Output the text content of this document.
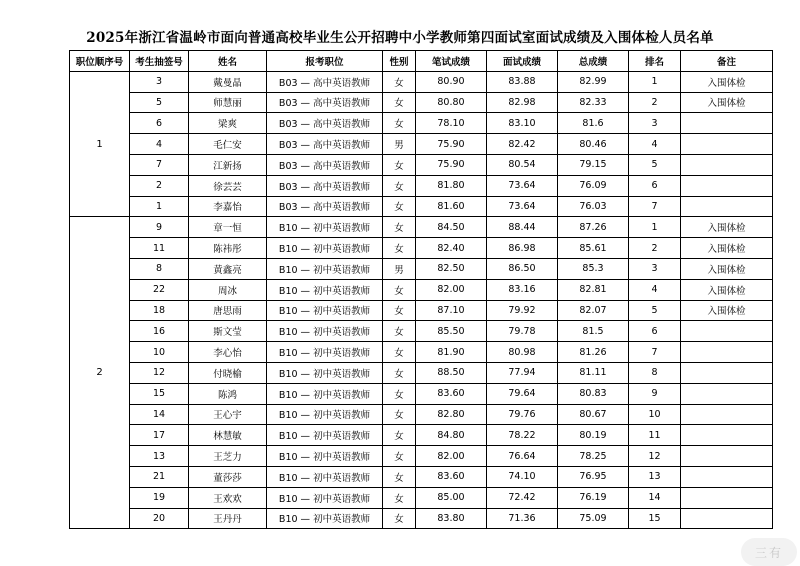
2025年浙江省温岭市面向普通高校毕业生公开招聘中小学教师第四面试室面试成绩及入围体检人员名单
职位顺序号	考生抽签号	姓名	报考职位	性别	笔试成绩	面试成绩	总成绩	排名	备注
1	3	戴曼晶	B03 — 高中英语教师	女	80.90	83.88	82.99	1	入围体检
	5	师慧丽	B03 — 高中英语教师	女	80.80	82.98	82.33	2	入围体检
	6	梁爽	B03 — 高中英语教师	女	78.10	83.10	81.6	3	
	4	毛仁安	B03 — 高中英语教师	男	75.90	82.42	80.46	4	
	7	江新扬	B03 — 高中英语教师	女	75.90	80.54	79.15	5	
	2	徐芸芸	B03 — 高中英语教师	女	81.80	73.64	76.09	6	
	1	李嘉怡	B03 — 高中英语教师	女	81.60	73.64	76.03	7	
2	9	章一恒	B10 — 初中英语教师	女	84.50	88.44	87.26	1	入围体检
	11	陈祎彤	B10 — 初中英语教师	女	82.40	86.98	85.61	2	入围体检
	8	黄鑫亮	B10 — 初中英语教师	男	82.50	86.50	85.3	3	入围体检
	22	周冰	B10 — 初中英语教师	女	82.00	83.16	82.81	4	入围体检
	18	唐思雨	B10 — 初中英语教师	女	87.10	79.92	82.07	5	入围体检
	16	斯文莹	B10 — 初中英语教师	女	85.50	79.78	81.5	6	
	10	李心怡	B10 — 初中英语教师	女	81.90	80.98	81.26	7	
	12	付晓榆	B10 — 初中英语教师	女	88.50	77.94	81.11	8	
	15	陈鸿	B10 — 初中英语教师	女	83.60	79.64	80.83	9	
	14	王心宇	B10 — 初中英语教师	女	82.80	79.76	80.67	10	
	17	林慧敏	B10 — 初中英语教师	女	84.80	78.22	80.19	11	
	13	王芝力	B10 — 初中英语教师	女	82.00	76.64	78.25	12	
	21	董莎莎	B10 — 初中英语教师	女	83.60	74.10	76.95	13	
	19	王欢欢	B10 — 初中英语教师	女	85.00	72.42	76.19	14	
	20	王丹丹	B10 — 初中英语教师	女	83.80	71.36	75.09	15	
三有
